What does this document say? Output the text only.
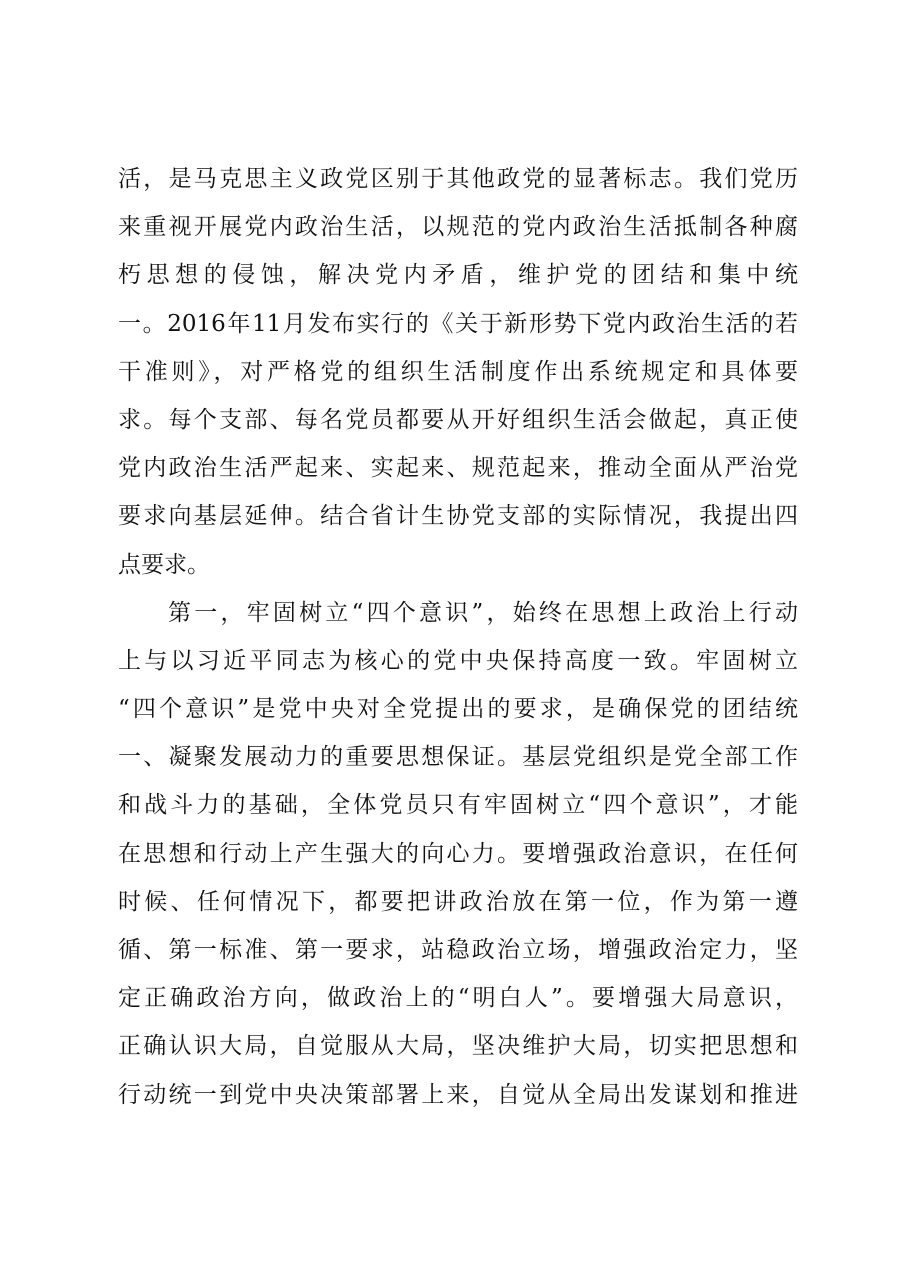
活，是马克思主义政党区别于其他政党的显著标志。我们党历
来重视开展党内政治生活，以规范的党内政治生活抵制各种腐
朽思想的侵蚀，解决党内矛盾，维护党的团结和集中统
一。2016年11月发布实行的《关于新形势下党内政治生活的若
干准则》，对严格党的组织生活制度作出系统规定和具体要
求。每个支部、每名党员都要从开好组织生活会做起，真正使
党内政治生活严起来、实起来、规范起来，推动全面从严治党
要求向基层延伸。结合省计生协党支部的实际情况，我提出四
点要求。
第一，牢固树立“四个意识”，始终在思想上政治上行动
上与以习近平同志为核心的党中央保持高度一致。牢固树立
“四个意识”是党中央对全党提出的要求，是确保党的团结统
一、凝聚发展动力的重要思想保证。基层党组织是党全部工作
和战斗力的基础，全体党员只有牢固树立“四个意识”，才能
在思想和行动上产生强大的向心力。要增强政治意识，在任何
时候、任何情况下，都要把讲政治放在第一位，作为第一遵
循、第一标准、第一要求，站稳政治立场，增强政治定力，坚
定正确政治方向，做政治上的“明白人”。要增强大局意识，
正确认识大局，自觉服从大局，坚决维护大局，切实把思想和
行动统一到党中央决策部署上来，自觉从全局出发谋划和推进
